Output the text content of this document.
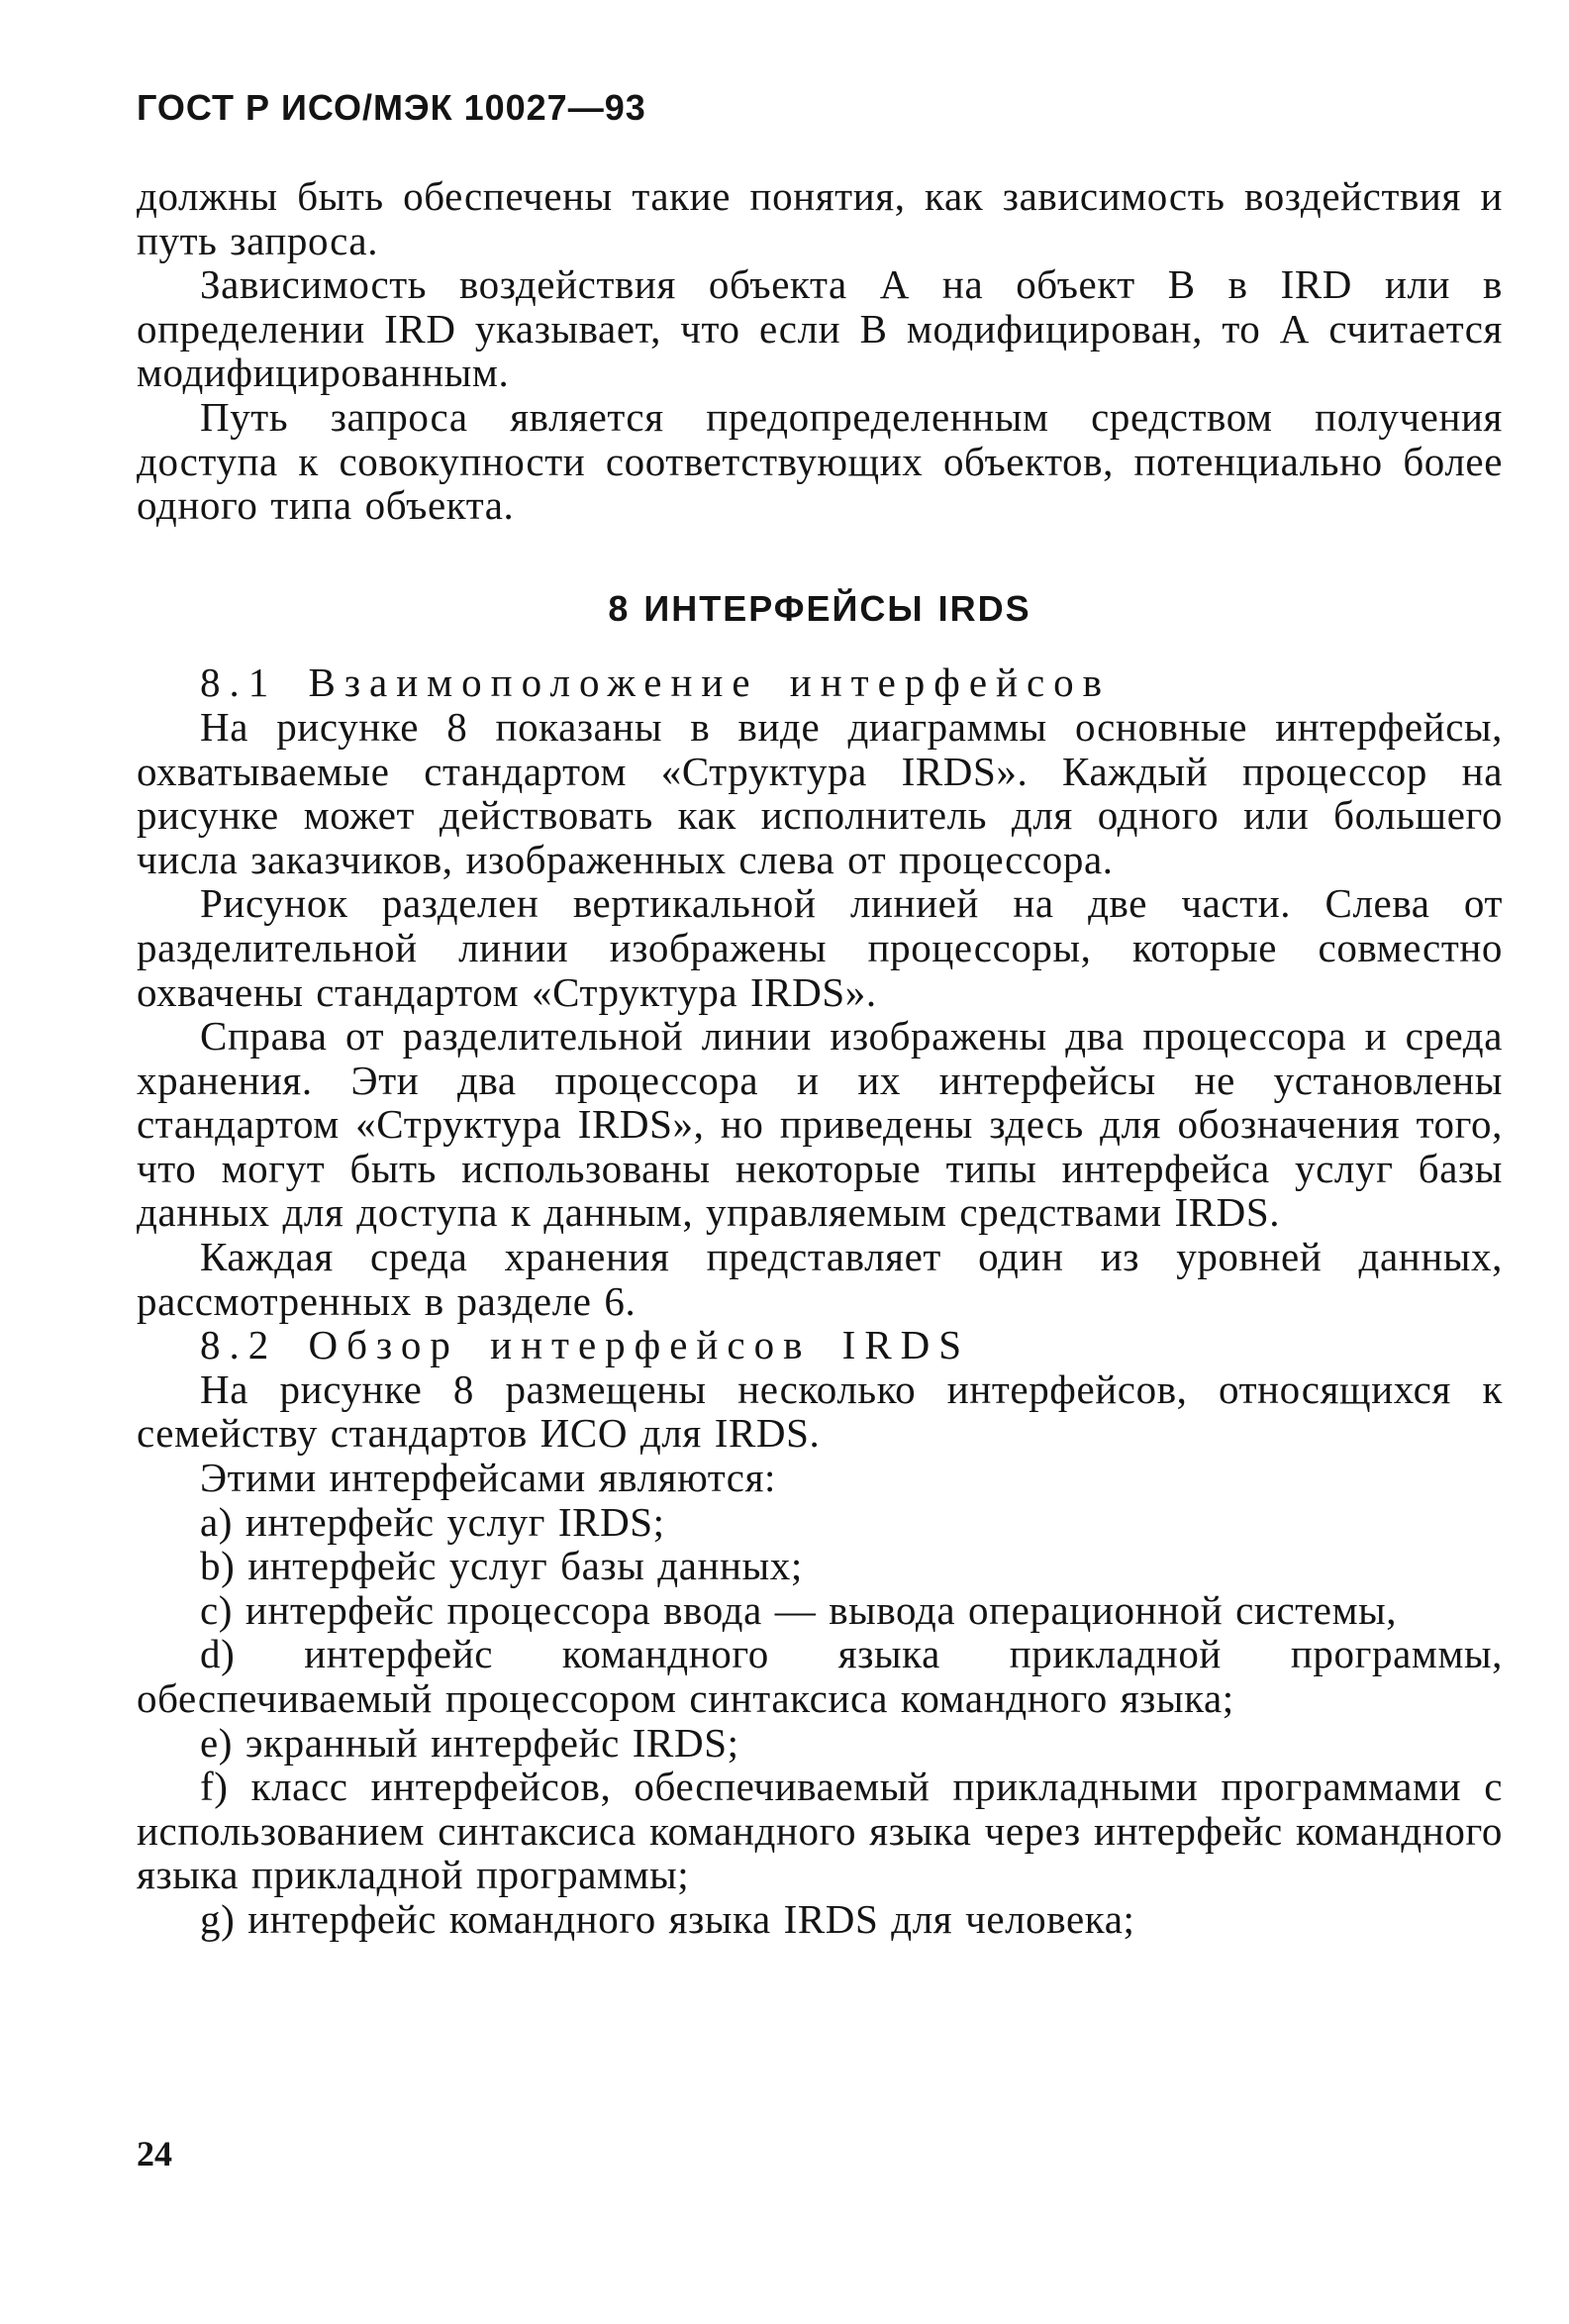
ГОСТ Р ИСО/МЭК 10027—93

должны быть обеспечены такие понятия, как зависимость воздействия и путь запроса.

Зависимость воздействия объекта А на объект В в IRD или в определении IRD указывает, что если В модифицирован, то А считается модифицированным.

Путь запроса является предопределенным средством получения доступа к совокупности соответствующих объектов, потенциально более одного типа объекта.

8 ИНТЕРФЕЙСЫ IRDS

8.1 Взаимоположение интерфейсов

На рисунке 8 показаны в виде диаграммы основные интерфейсы, охватываемые стандартом «Структура IRDS». Каждый процессор на рисунке может действовать как исполнитель для одного или большего числа заказчиков, изображенных слева от процессора.

Рисунок разделен вертикальной линией на две части. Слева от разделительной линии изображены процессоры, которые совместно охвачены стандартом «Структура IRDS».

Справа от разделительной линии изображены два процессора и среда хранения. Эти два процессора и их интерфейсы не установлены стандартом «Структура IRDS», но приведены здесь для обозначения того, что могут быть использованы некоторые типы интерфейса услуг базы данных для доступа к данным, управляемым средствами IRDS.

Каждая среда хранения представляет один из уровней данных, рассмотренных в разделе 6.

8.2 Обзор интерфейсов IRDS

На рисунке 8 размещены несколько интерфейсов, относящихся к семейству стандартов ИСО для IRDS.

Этими интерфейсами являются:

a) интерфейс услуг IRDS;

b) интерфейс услуг базы данных;

c) интерфейс процессора ввода — вывода операционной системы,

d) интерфейс командного языка прикладной программы, обеспечиваемый процессором синтаксиса командного языка;

e) экранный интерфейс IRDS;

f) класс интерфейсов, обеспечиваемый прикладными программами с использованием синтаксиса командного языка через интерфейс командного языка прикладной программы;

g) интерфейс командного языка IRDS для человека;

24
